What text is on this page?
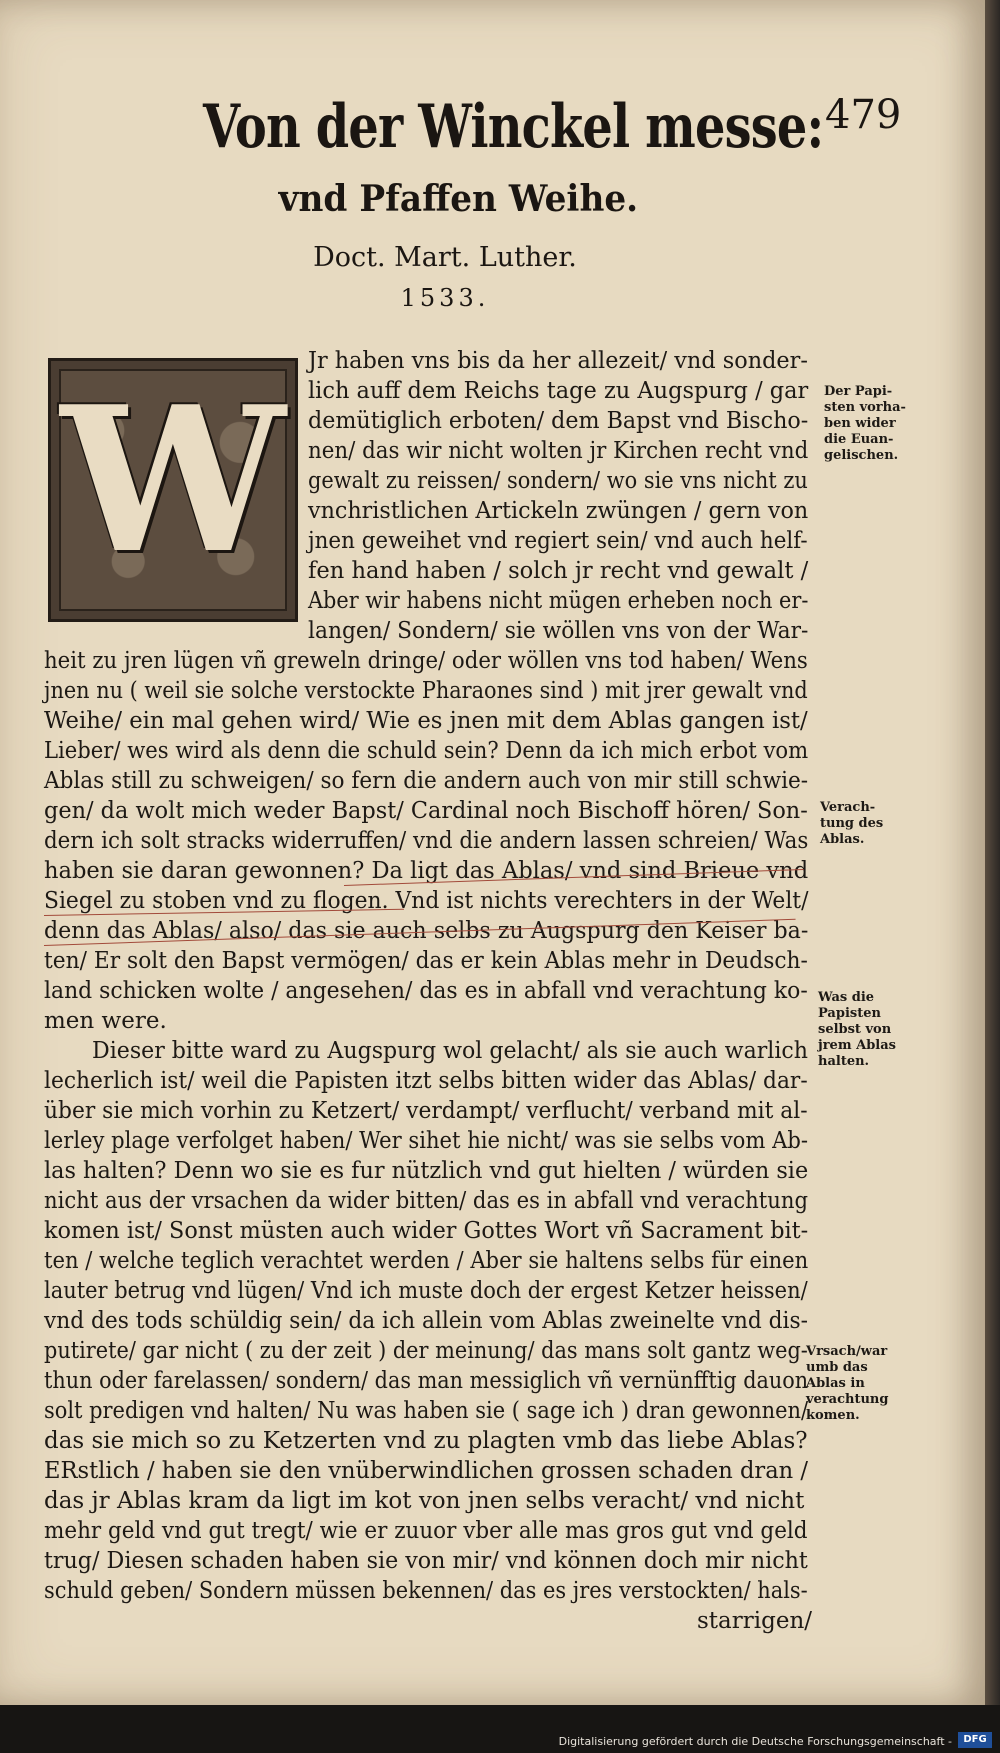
Digitalisierung gefördert durch die Deutsche Forschungsgemeinschaft -	DFG
Von der Winckel messe: 479
vnd Pfaffen Weihe.
Doct. Mart. Luther.
1533.
W
Jr haben vns bis da her allezeit/ vnd sonder-
lich auff dem Reichs tage zu Augspurg / gar
demütiglich erboten/ dem Bapst vnd Bischo-
nen/ das wir nicht wolten jr Kirchen recht vnd
gewalt zu reissen/ sondern/ wo sie vns nicht zu
vnchristlichen Artickeln zwüngen / gern von
jnen geweihet vnd regiert sein/ vnd auch helf-
fen hand haben / solch jr recht vnd gewalt /
Aber wir habens nicht mügen erheben noch er-
langen/ Sondern/ sie wöllen vns von der War-
heit zu jren lügen vñ greweln dringe/ oder wöllen vns tod haben/ Wens
jnen nu ( weil sie solche verstockte Pharaones sind ) mit jrer gewalt vnd
Weihe/ ein mal gehen wird/ Wie es jnen mit dem Ablas gangen ist/
Lieber/ wes wird als denn die schuld sein? Denn da ich mich erbot vom
Ablas still zu schweigen/ so fern die andern auch von mir still schwie-
gen/ da wolt mich weder Bapst/ Cardinal noch Bischoff hören/ Son-
dern ich solt stracks widerruffen/ vnd die andern lassen schreien/ Was
haben sie daran gewonnen? Da ligt das Ablas/ vnd sind Brieue vnd
Siegel zu stoben vnd zu flogen. Vnd ist nichts verechters in der Welt/
denn das Ablas/ also/ das sie auch selbs zu Augspurg den Keiser ba-
ten/ Er solt den Bapst vermögen/ das er kein Ablas mehr in Deudsch-
land schicken wolte / angesehen/ das es in abfall vnd verachtung ko-
men were.
Dieser bitte ward zu Augspurg wol gelacht/ als sie auch warlich
lecherlich ist/ weil die Papisten itzt selbs bitten wider das Ablas/ dar-
über sie mich vorhin zu Ketzert/ verdampt/ verflucht/ verband mit al-
lerley plage verfolget haben/ Wer sihet hie nicht/ was sie selbs vom Ab-
las halten? Denn wo sie es fur nützlich vnd gut hielten / würden sie
nicht aus der vrsachen da wider bitten/ das es in abfall vnd verachtung
komen ist/ Sonst müsten auch wider Gottes Wort vñ Sacrament bit-
ten / welche teglich verachtet werden / Aber sie haltens selbs für einen
lauter betrug vnd lügen/ Vnd ich muste doch der ergest Ketzer heissen/
vnd des tods schüldig sein/ da ich allein vom Ablas zweinelte vnd dis-
putirete/ gar nicht ( zu der zeit ) der meinung/ das mans solt gantz weg-
thun oder farelassen/ sondern/ das man messiglich vñ vernünfftig dauon
solt predigen vnd halten/ Nu was haben sie ( sage ich ) dran gewonnen/
das sie mich so zu Ketzerten vnd zu plagten vmb das liebe Ablas?
ERstlich / haben sie den vnüberwindlichen grossen schaden dran /
das jr Ablas kram da ligt im kot von jnen selbs veracht/ vnd nicht
mehr geld vnd gut tregt/ wie er zuuor vber alle mas gros gut vnd geld
trug/ Diesen schaden haben sie von mir/ vnd können doch mir nicht
schuld geben/ Sondern müssen bekennen/ das es jres verstockten/ hals-
starrigen/
Der Papi-
sten vorha-
ben wider
die Euan-
gelischen.
Verach-
tung des
Ablas.
Was die
Papisten
selbst von
jrem Ablas
halten.
Vrsach/war
umb das
Ablas in
verachtung
komen.
